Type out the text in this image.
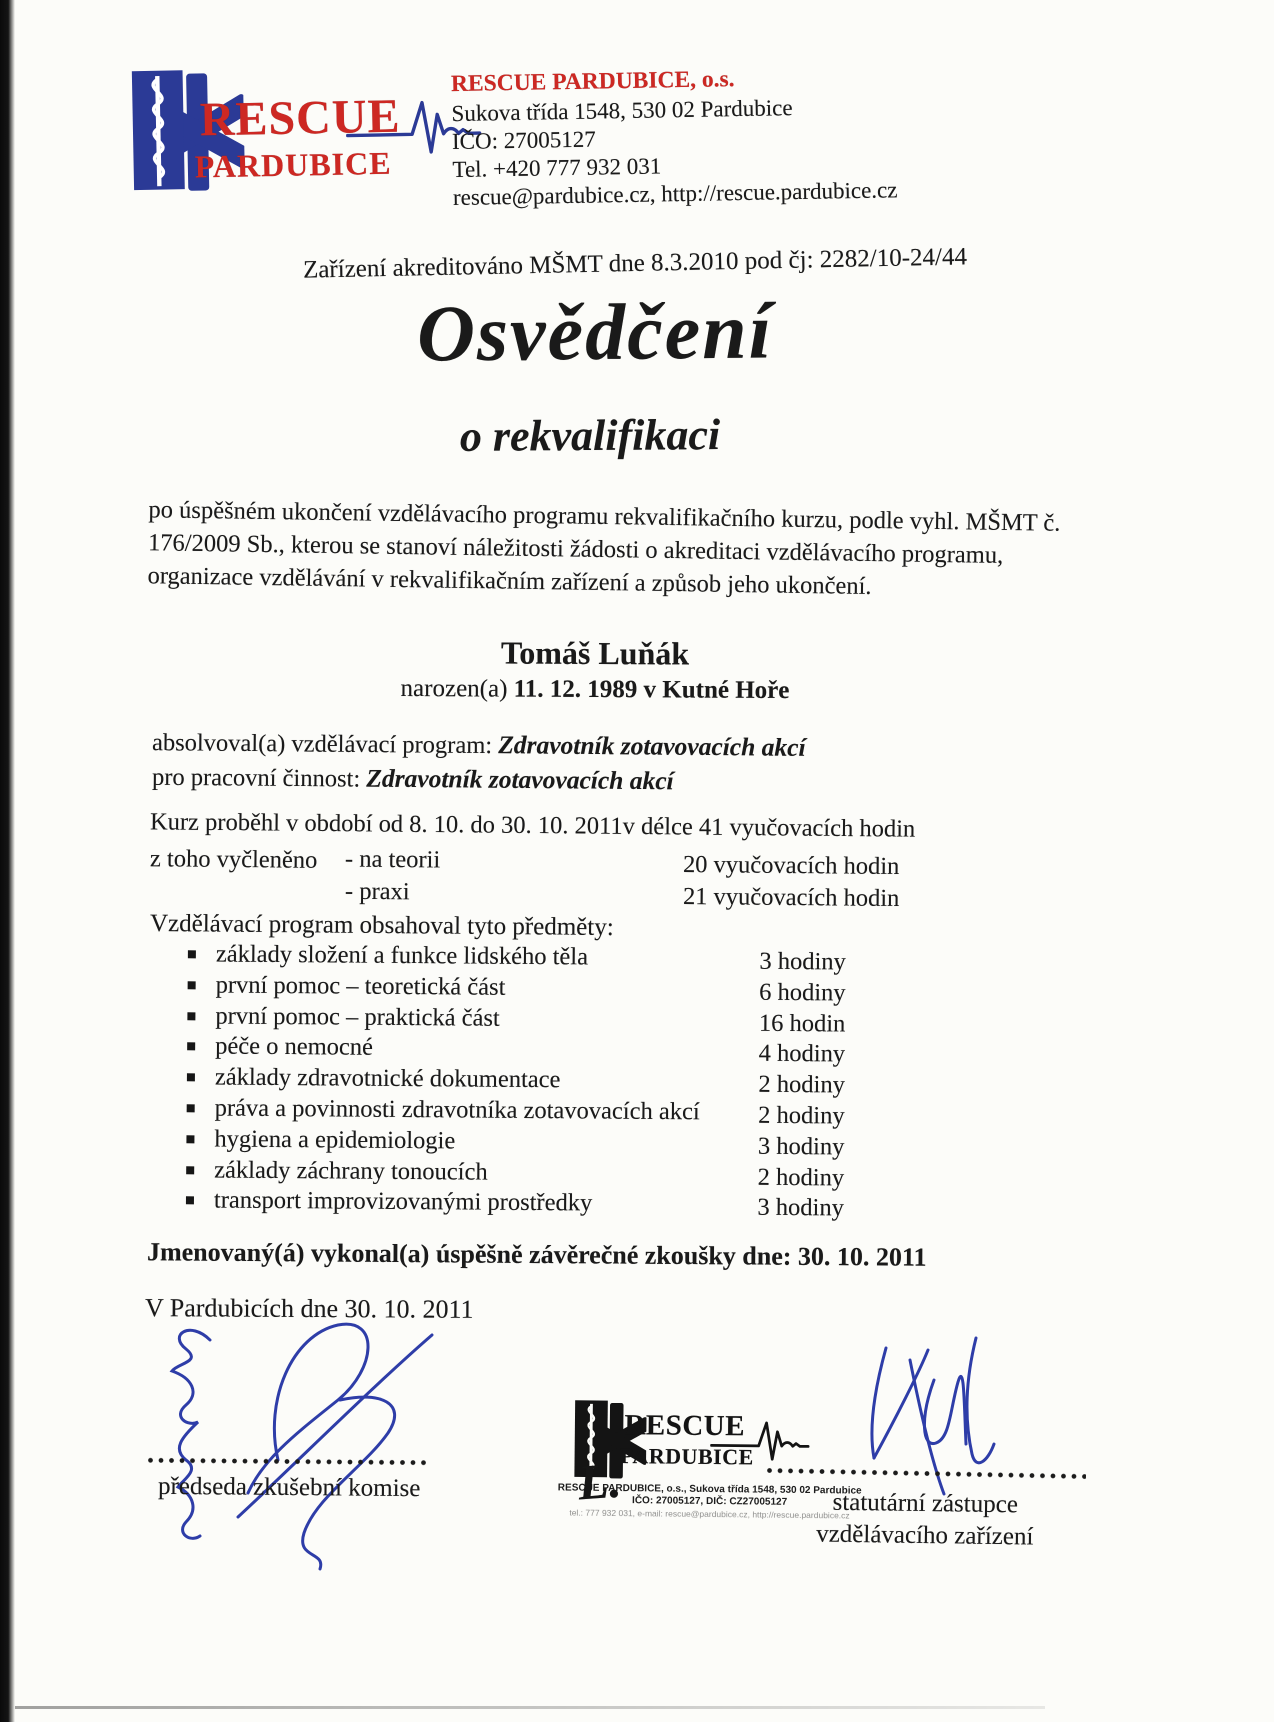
RESCUE
PARDUBICE
RESCUE PARDUBICE, o.s.
Sukova třída 1548, 530 02 Pardubice
IČO: 27005127
Tel. +420 777 932 031
rescue@pardubice.cz, http://rescue.pardubice.cz
Zařízení akreditováno MŠMT dne 8.3.2010 pod čj: 2282/10-24/44
Osvědčení
o rekvalifikaci
po úspěšném ukončení vzdělávacího programu rekvalifikačního kurzu, podle vyhl. MŠMT č.
176/2009 Sb., kterou se stanoví náležitosti žádosti o akreditaci vzdělávacího programu,
organizace vzdělávání v rekvalifikačním zařízení a způsob jeho ukončení.
Tomáš Luňák
narozen(a) 11. 12. 1989 v Kutné Hoře
absolvoval(a) vzdělávací program: Zdravotník zotavovacích akcí
pro pracovní činnost: Zdravotník zotavovacích akcí
Kurz proběhl v období od 8. 10. do 30. 10. 2011v délce 41 vyučovacích hodin
z toho vyčleněno - na teorii	20 vyučovacích hodin
- praxi	21 vyučovacích hodin
Vzdělávací program obsahoval tyto předměty:
základy složení a funkce lidského těla	3 hodiny
první pomoc – teoretická část	6 hodiny
první pomoc – praktická část	16 hodin
péče o nemocné	4 hodiny
základy zdravotnické dokumentace	2 hodiny
práva a povinnosti zdravotníka zotavovacích akcí 2 hodiny
hygiena a epidemiologie	3 hodiny
základy záchrany tonoucích	2 hodiny
transport improvizovanými prostředky	3 hodiny
Jmenovaný(á) vykonal(a) úspěšně závěrečné zkoušky dne: 30. 10. 2011
V Pardubicích dne 30. 10. 2011
předseda zkušební komise
RESCUE
PARDUBICE
RESCUE PARDUBICE, o.s., Sukova třída 1548, 530 02 Pardubice
IČO: 27005127, DIČ: CZ27005127
tel.: 777 932 031, e-mail: rescue@pardubice.cz, http://rescue.pardubice.cz
L.	statutární zástupce
vzdělávacího zařízení
